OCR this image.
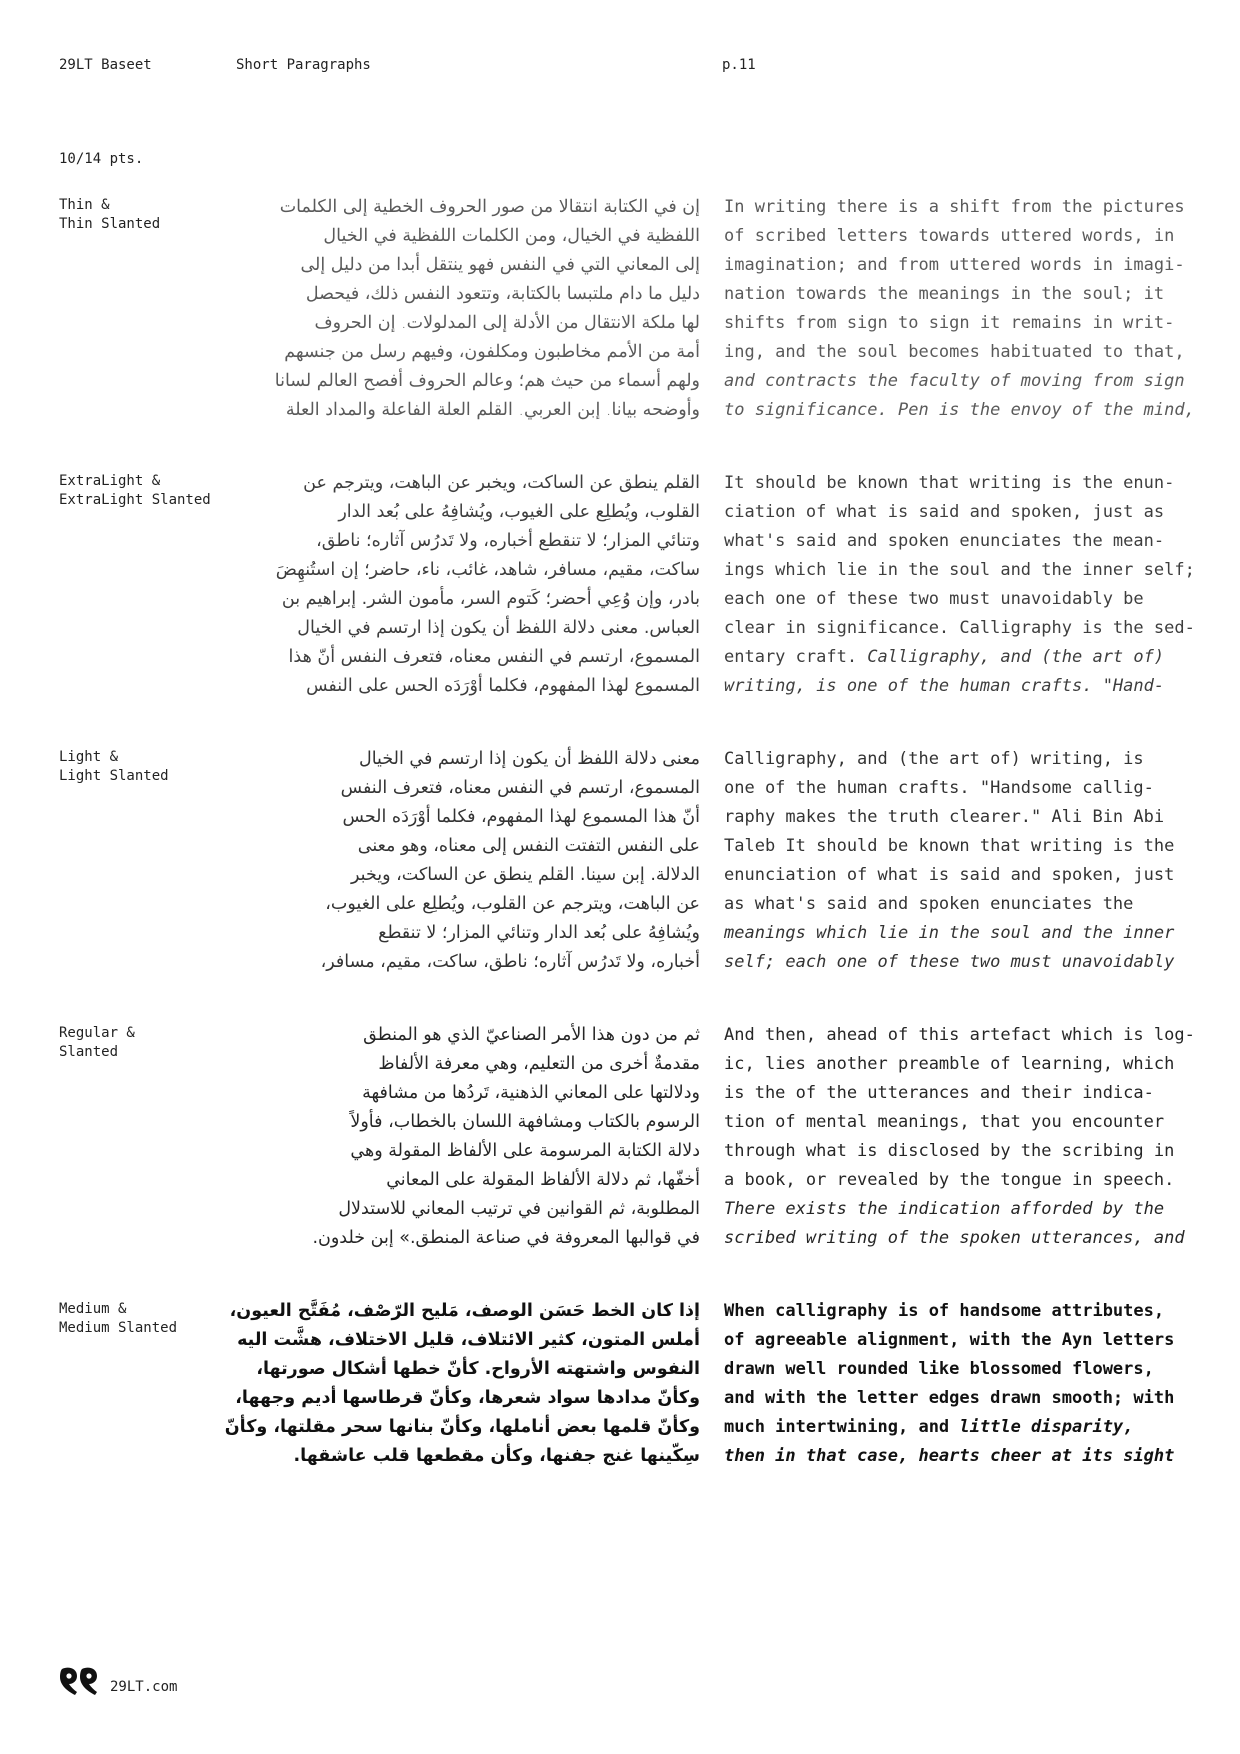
29LT Baseet	Short Paragraphs	p.11
10/14 pts.
Thin &
Thin Slanted
إن في الكتابة انتقالا من صور الحروف الخطية إلى الكلمات
اللفظية في الخيال، ومن الكلمات اللفظية في الخيال
إلى المعاني التي في النفس فهو ينتقل أبدا من دليل إلى
دليل ما دام ملتبسا بالكتابة، وتتعود النفس ذلك، فيحصل
لها ملكة الانتقال من الأدلة إلى المدلولات. إن الحروف
أمة من الأمم مخاطبون ومكلفون، وفيهم رسل من جنسهم
ولهم أسماء من حيث هم؛ وعالم الحروف أفصح العالم لسانا
وأوضحه بيانا. إبن العربي. القلم العلة الفاعلة والمداد العلة
In writing there is a shift from the pictures
of scribed letters towards uttered words, in
imagination; and from uttered words in imagi-
nation towards the meanings in the soul; it
shifts from sign to sign it remains in writ-
ing, and the soul becomes habituated to that,
and contracts the faculty of moving from sign
to significance. Pen is the envoy of the mind,
ExtraLight &
ExtraLight Slanted
القلم ينطق عن الساكت، ويخبر عن الباهت، ويترجم عن
القلوب، ويُطلِع على الغيوب، ويُشافِهُ على بُعد الدار
وتنائي المزار؛ لا تنقطع أخباره، ولا تَدرُس آثاره؛ ناطق،
ساكت، مقيم، مسافر، شاهد، غائب، ناء، حاضر؛ إن استُنهِضَ
بادر، وإن وُعِي أحضر؛ كَتوم السر، مأمون الشر. إبراهيم بن
العباس. معنى دلالة اللفظ أن يكون إذا ارتسم في الخيال
المسموع، ارتسم في النفس معناه، فتعرف النفس أنّ هذا
المسموع لهذا المفهوم، فكلما أوْرَدَه الحس على النفس
It should be known that writing is the enun-
ciation of what is said and spoken, just as
what's said and spoken enunciates the mean-
ings which lie in the soul and the inner self;
each one of these two must unavoidably be
clear in significance. Calligraphy is the sed-
entary craft. Calligraphy, and (the art of)
writing, is one of the human crafts. "Hand-
Light &
Light Slanted
معنى دلالة اللفظ أن يكون إذا ارتسم في الخيال
المسموع، ارتسم في النفس معناه، فتعرف النفس
أنّ هذا المسموع لهذا المفهوم، فكلما أوْرَدَه الحس
على النفس التفتت النفس إلى معناه، وهو معنى
الدلالة. إبن سينا. القلم ينطق عن الساكت، ويخبر
عن الباهت، ويترجم عن القلوب، ويُطلِع على الغيوب،
ويُشافِهُ على بُعد الدار وتنائي المزار؛ لا تنقطع
أخباره، ولا تَدرُس آثاره؛ ناطق، ساكت، مقيم، مسافر،
Calligraphy, and (the art of) writing, is
one of the human crafts. "Handsome callig-
raphy makes the truth clearer." Ali Bin Abi
Taleb It should be known that writing is the
enunciation of what is said and spoken, just
as what's said and spoken enunciates the
meanings which lie in the soul and the inner
self; each one of these two must unavoidably
Regular &
Slanted
ثم من دون هذا الأمر الصناعيّ الذي هو المنطق
مقدمةٌ أخرى من التعليم، وهي معرفة الألفاظ
ودلالتها على المعاني الذهنية، تَردُها من مشافهة
الرسوم بالكتاب ومشافهة اللسان بالخطاب، فأولاً
دلالة الكتابة المرسومة على الألفاظ المقولة وهي
أخفّها، ثم دلالة الألفاظ المقولة على المعاني
المطلوبة، ثم القوانين في ترتيب المعاني للاستدلال
في قوالبها المعروفة في صناعة المنطق.» إبن خلدون.
And then, ahead of this artefact which is log-
ic, lies another preamble of learning, which
is the of the utterances and their indica-
tion of mental meanings, that you encounter
through what is disclosed by the scribing in
a book, or revealed by the tongue in speech.
There exists the indication afforded by the
scribed writing of the spoken utterances, and
Medium &
Medium Slanted
إذا كان الخط حَسَن الوصف، مَليح الرّصْف، مُفَتَّح العيون،
أملس المتون، كثير الائتلاف، قليل الاختلاف، هشَّت اليه
النفوس واشتهته الأرواح. كأنّ خطها أشكال صورتها،
وكأنّ مدادها سواد شعرها، وكأنّ قرطاسها أديم وجهها،
وكأنّ قلمها بعض أناملها، وكأنّ بنانها سحر مقلتها، وكأنّ
سِكّينها غنج جفنها، وكأن مقطعها قلب عاشقها.
When calligraphy is of handsome attributes,
of agreeable alignment, with the Ayn letters
drawn well rounded like blossomed flowers,
and with the letter edges drawn smooth; with
much intertwining, and little disparity,
then in that case, hearts cheer at its sight
29LT.com
